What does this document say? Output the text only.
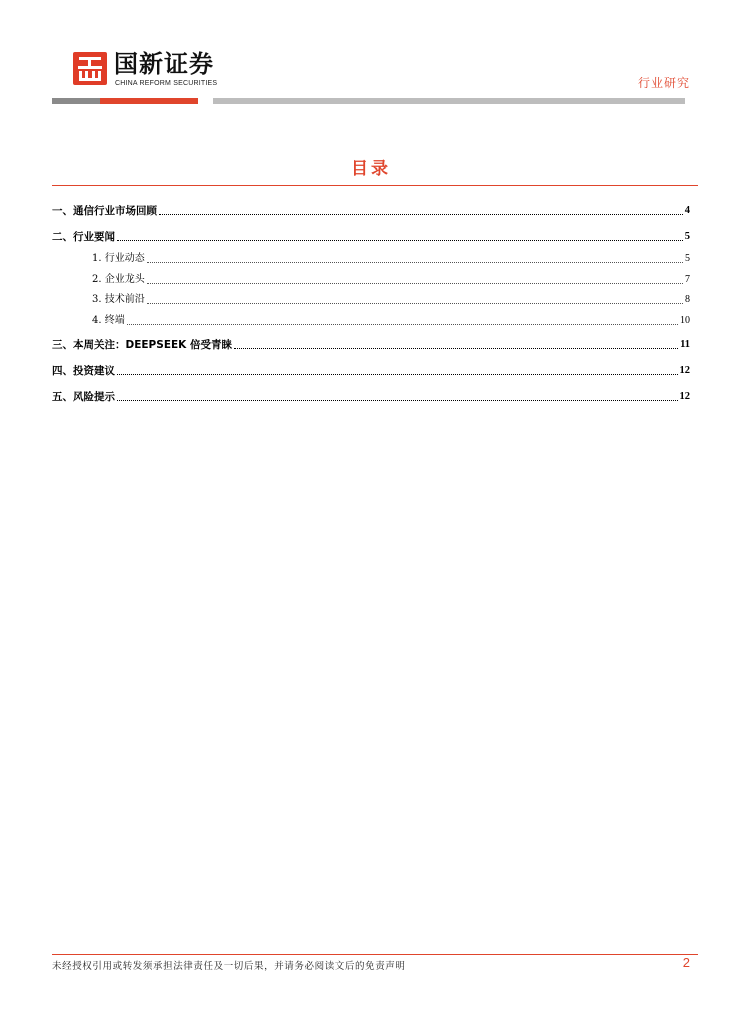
国新证券
CHINA REFORM SECURITIES	行业研究
目录
一、通信行业市场回顾	4
二、行业要闻	5
1. 行业动态	5
2. 企业龙头	7
3. 技术前沿	8
4. 终端	10
三、本周关注：DEEPSEEK 倍受青睐	11
四、投资建议	12
五、风险提示	12
未经授权引用或转发须承担法律责任及一切后果，并请务必阅读文后的免责声明	2
